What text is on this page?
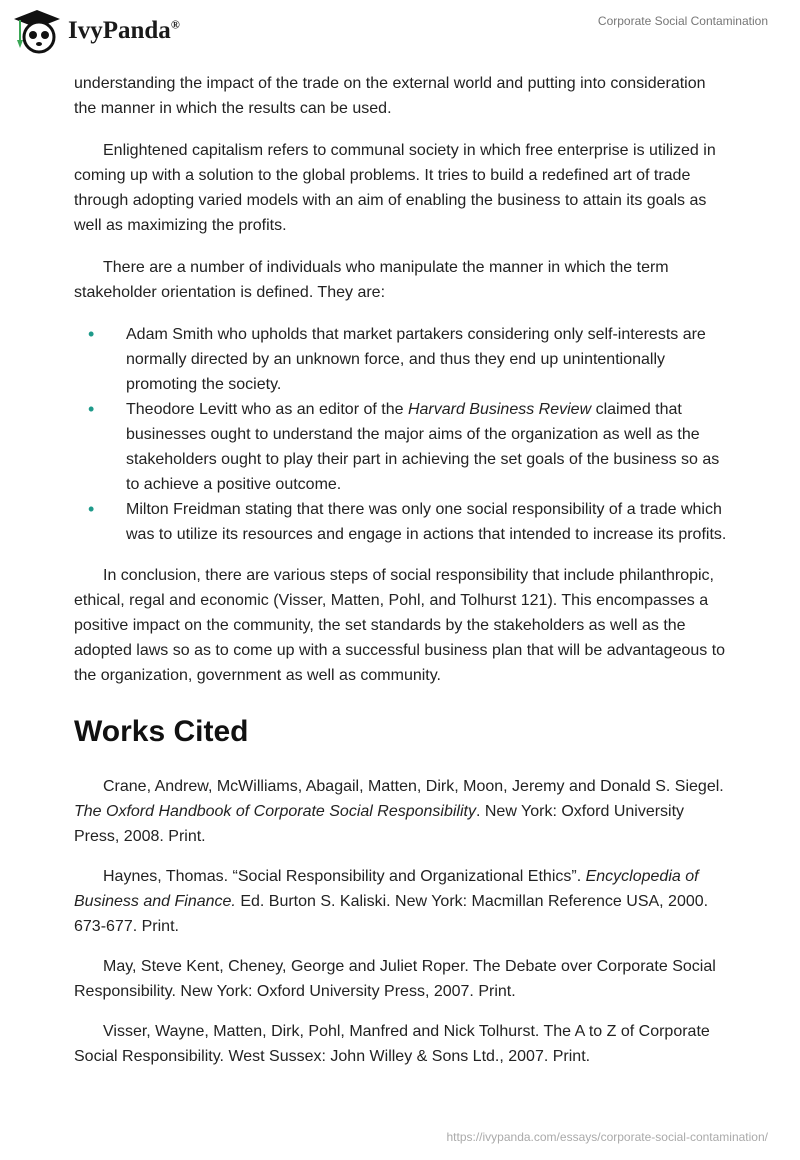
IvyPanda®	Corporate Social Contamination

understanding the impact of the trade on the external world and putting into consideration the manner in which the results can be used.

Enlightened capitalism refers to communal society in which free enterprise is utilized in coming up with a solution to the global problems. It tries to build a redefined art of trade through adopting varied models with an aim of enabling the business to attain its goals as well as maximizing the profits.

There are a number of individuals who manipulate the manner in which the term stakeholder orientation is defined. They are:

• Adam Smith who upholds that market partakers considering only self-interests are normally directed by an unknown force, and thus they end up unintentionally promoting the society.
• Theodore Levitt who as an editor of the Harvard Business Review claimed that businesses ought to understand the major aims of the organization as well as the stakeholders ought to play their part in achieving the set goals of the business so as to achieve a positive outcome.
• Milton Freidman stating that there was only one social responsibility of a trade which was to utilize its resources and engage in actions that intended to increase its profits.

In conclusion, there are various steps of social responsibility that include philanthropic, ethical, regal and economic (Visser, Matten, Pohl, and Tolhurst 121). This encompasses a positive impact on the community, the set standards by the stakeholders as well as the adopted laws so as to come up with a successful business plan that will be advantageous to the organization, government as well as community.

Works Cited

Crane, Andrew, McWilliams, Abagail, Matten, Dirk, Moon, Jeremy and Donald S. Siegel. The Oxford Handbook of Corporate Social Responsibility. New York: Oxford University Press, 2008. Print.

Haynes, Thomas. “Social Responsibility and Organizational Ethics”. Encyclopedia of Business and Finance. Ed. Burton S. Kaliski. New York: Macmillan Reference USA, 2000. 673-677. Print.

May, Steve Kent, Cheney, George and Juliet Roper. The Debate over Corporate Social Responsibility. New York: Oxford University Press, 2007. Print.

Visser, Wayne, Matten, Dirk, Pohl, Manfred and Nick Tolhurst. The A to Z of Corporate Social Responsibility. West Sussex: John Willey & Sons Ltd., 2007. Print.

https://ivypanda.com/essays/corporate-social-contamination/
